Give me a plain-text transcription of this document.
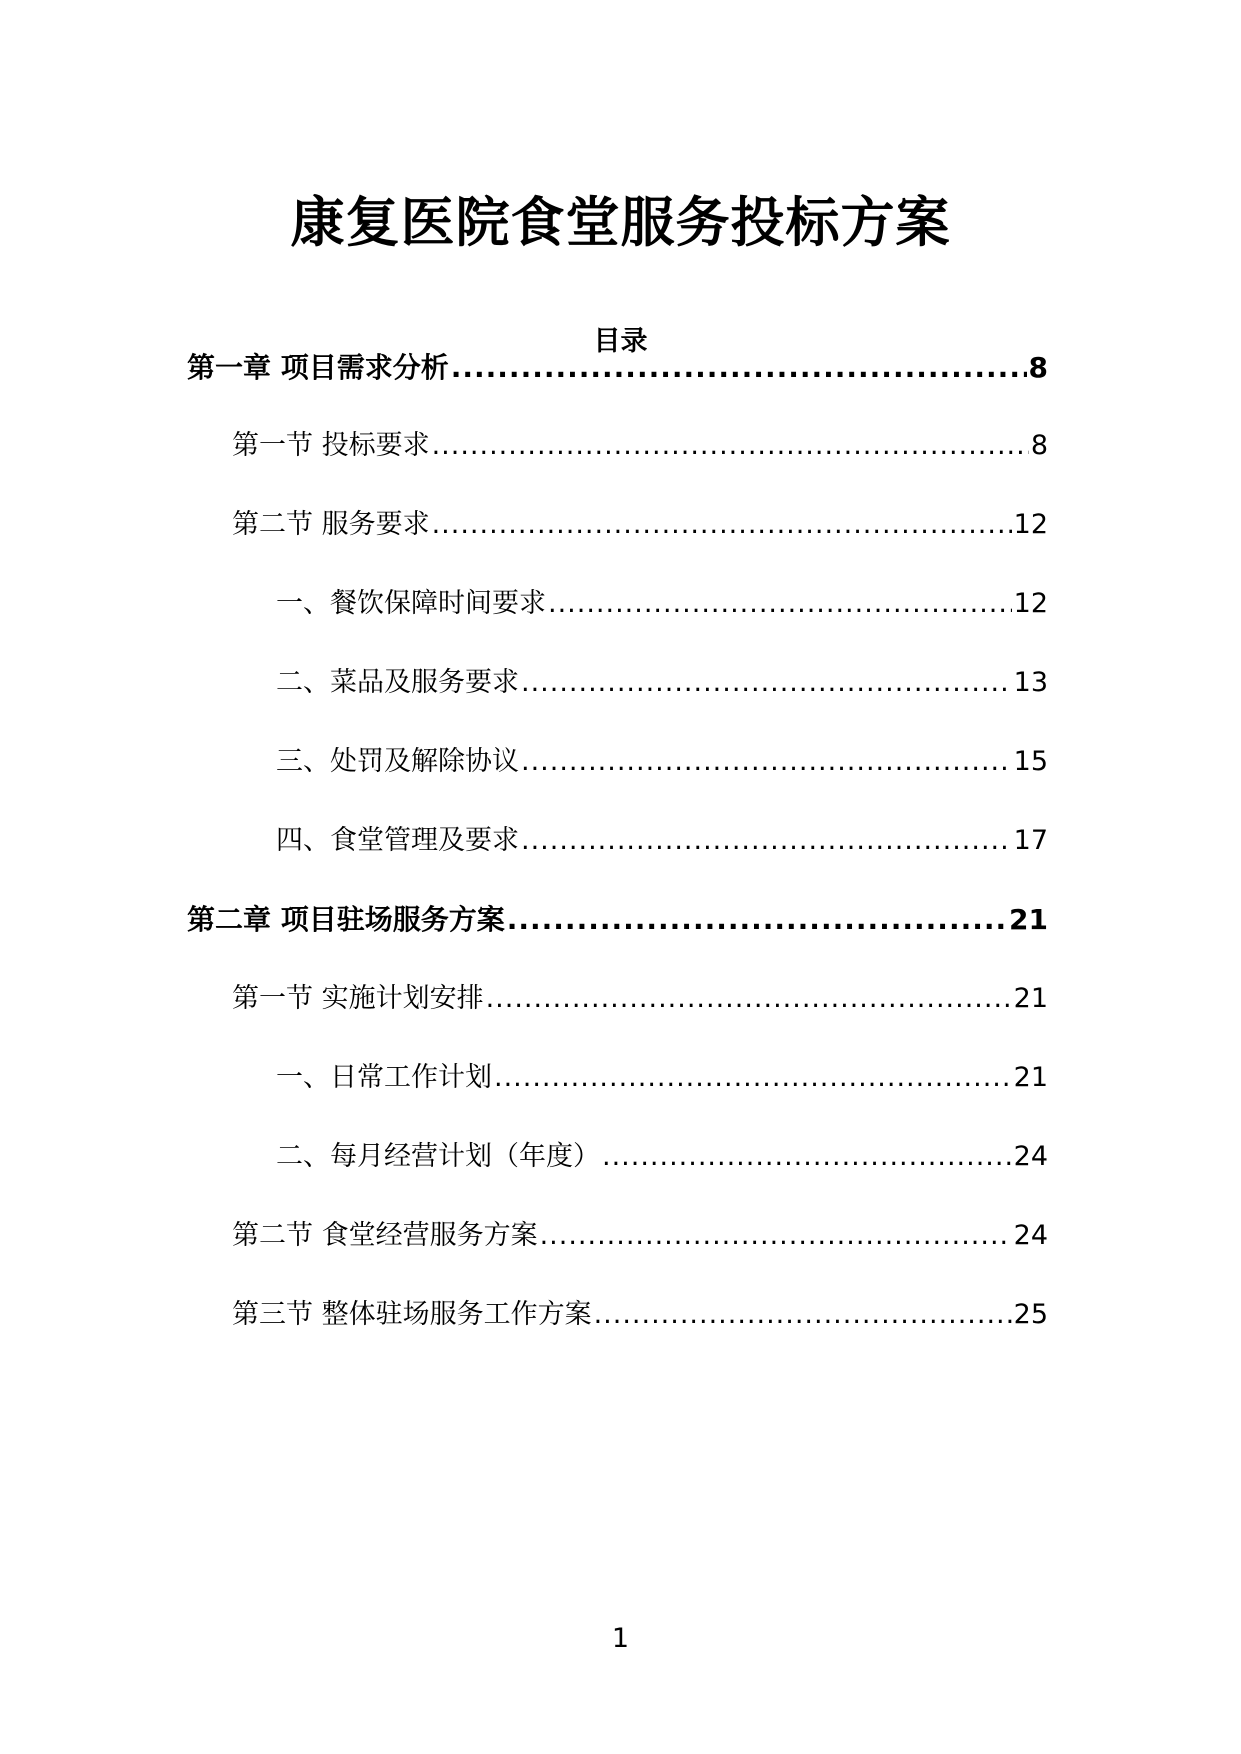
康复医院食堂服务投标方案
目录
第一章 项目需求分析 .....	8
第一节 投标要求 .....	8
第二节 服务要求 .....	12
一、餐饮保障时间要求 .....	12
二、菜品及服务要求 .....	13
三、处罚及解除协议 .....	15
四、食堂管理及要求 .....	17
第二章 项目驻场服务方案 .....	21
第一节 实施计划安排 .....	21
一、日常工作计划 .....	21
二、每月经营计划（年度） .....	24
第二节 食堂经营服务方案 .....	24
第三节 整体驻场服务工作方案 .....	25
1
